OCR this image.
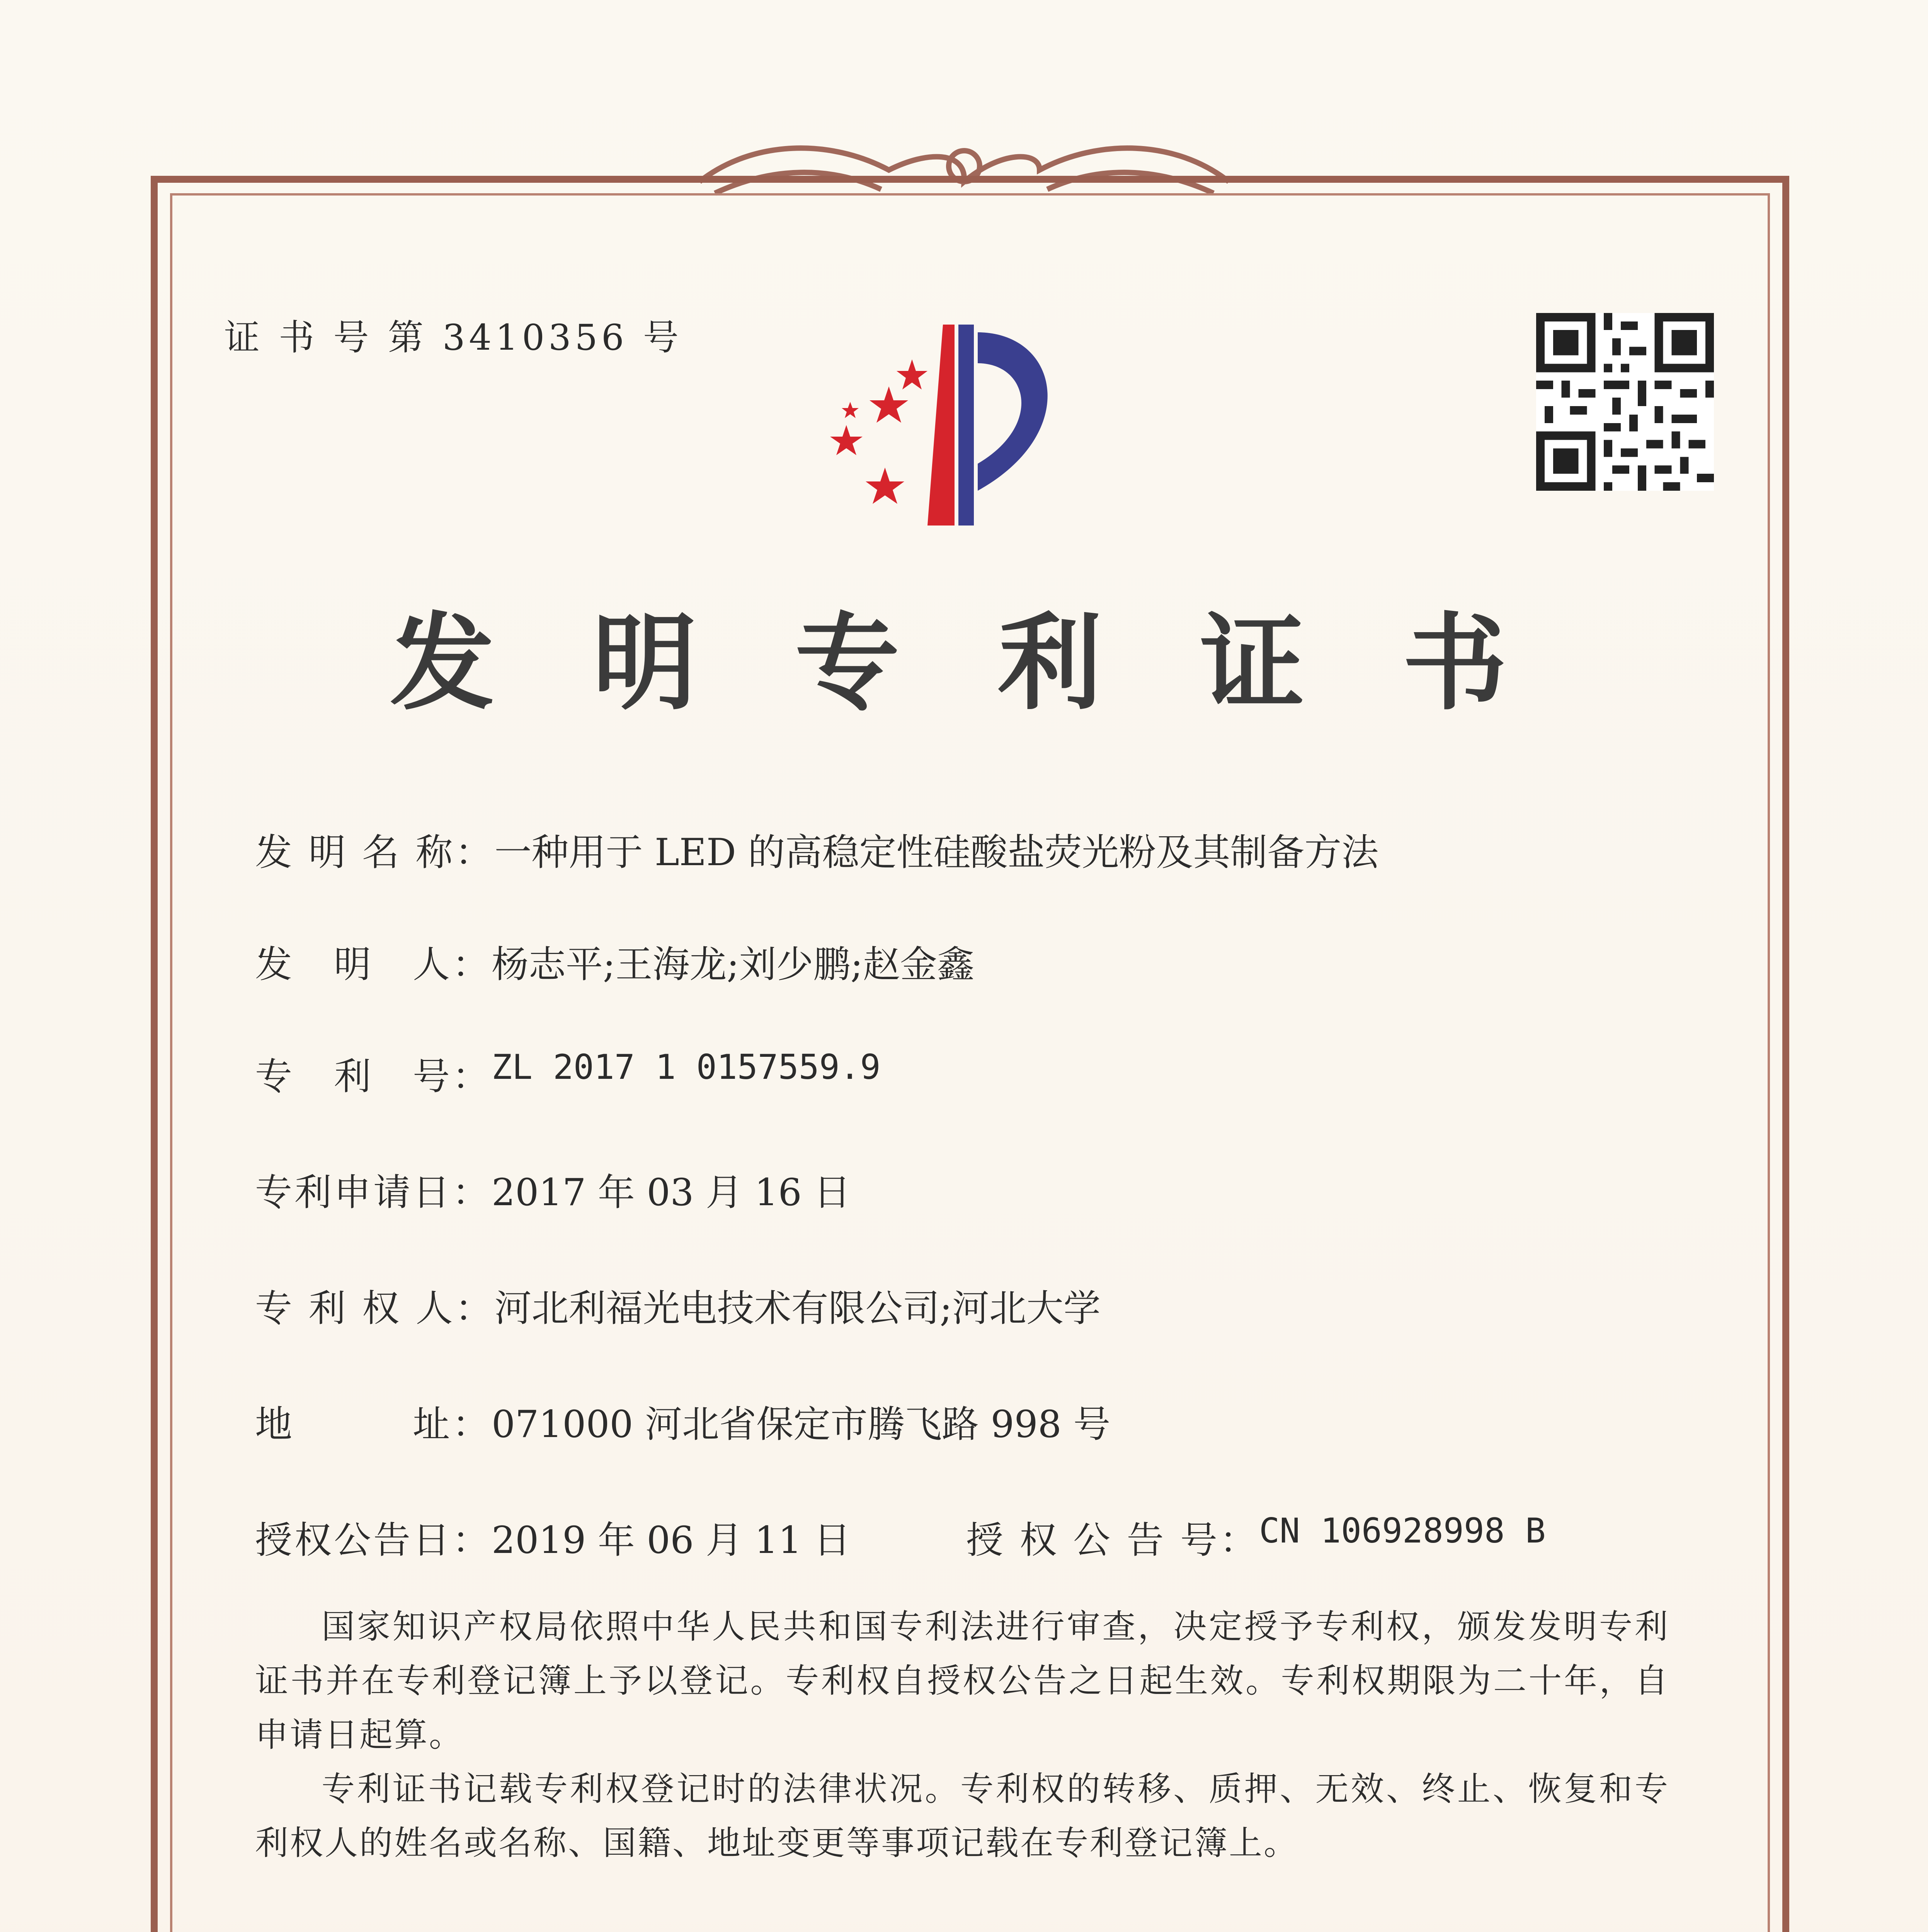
证 书 号 第 3410356 号
发 明 专 利 证 书
发 明 名 称： 一种用于 LED 的高稳定性硅酸盐荧光粉及其制备方法
发　明　人： 杨志平;王海龙;刘少鹏;赵金鑫
专　利　号： ZL 2017 1 0157559.9
专利申请日： 2017 年 03 月 16 日
专 利 权 人： 河北利福光电技术有限公司;河北大学
地　　　址： 071000 河北省保定市腾飞路 998 号
授权公告日： 2019 年 06 月 11 日	授 权 公 告 号： CN 106928998 B

国家知识产权局依照中华人民共和国专利法进行审查，决定授予专利权，颁发发明专利证书并在专利登记簿上予以登记。专利权自授权公告之日起生效。专利权期限为二十年，自申请日起算。

专利证书记载专利权登记时的法律状况。专利权的转移、质押、无效、终止、恢复和专利权人的姓名或名称、国籍、地址变更等事项记载在专利登记簿上。
